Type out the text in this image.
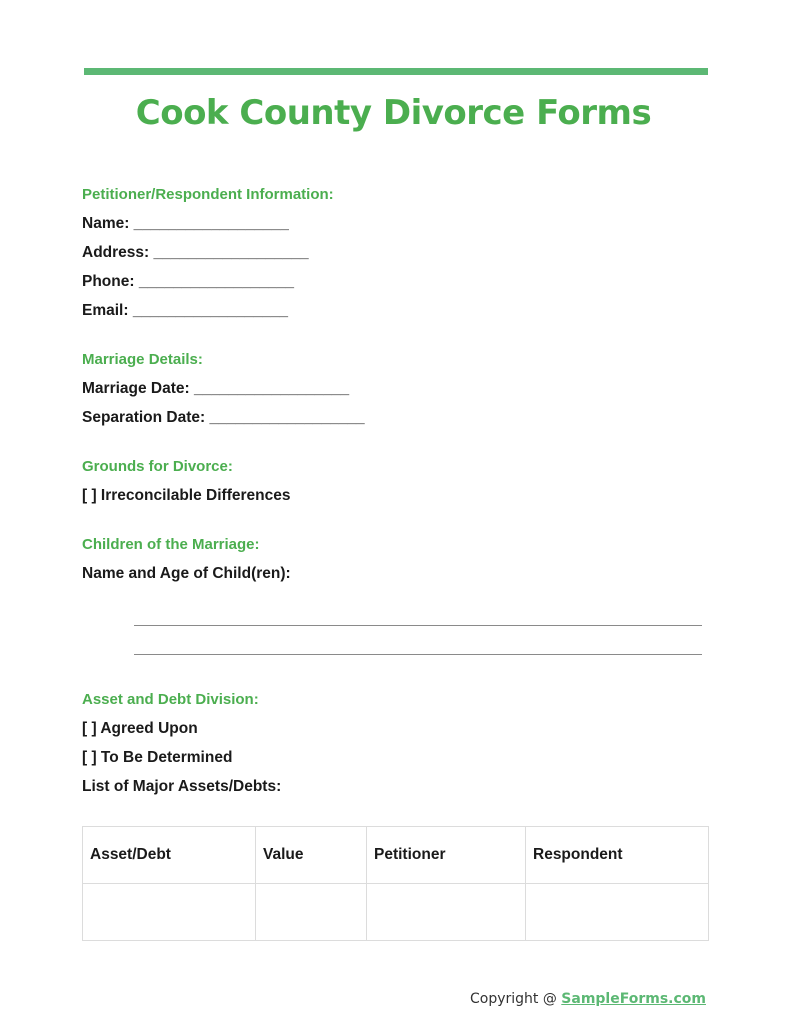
Cook County Divorce Forms

Petitioner/Respondent Information:

Name: __________________

Address: __________________

Phone: __________________

Email: __________________

Marriage Details:

Marriage Date: __________________

Separation Date: __________________

Grounds for Divorce:

[ ] Irreconcilable Differences

Children of the Marriage:

Name and Age of Child(ren):

Asset and Debt Division:

[ ] Agreed Upon

[ ] To Be Determined

List of Major Assets/Debts:

Asset/Debt	Value	Petitioner	Respondent

Copyright @ SampleForms.com
